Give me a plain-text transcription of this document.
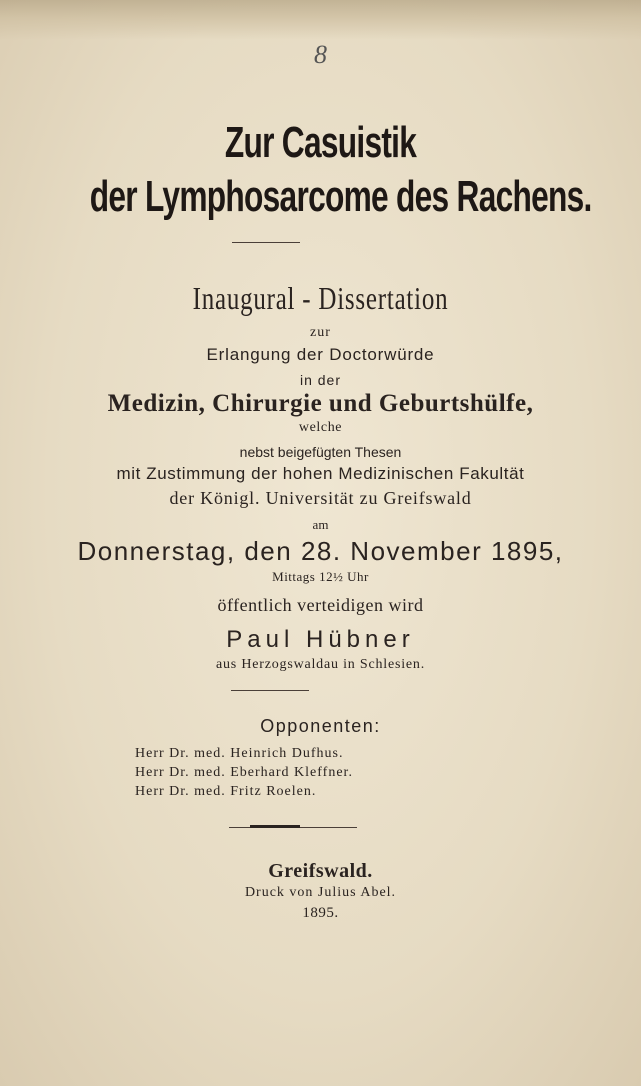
8
Zur Casuistik
der Lymphosarcome des Rachens.
Inaugural - Dissertation
zur
Erlangung der Doctorwürde
in der
Medizin, Chirurgie und Geburtshülfe,
welche
nebst beigefügten Thesen
mit Zustimmung der hohen Medizinischen Fakultät
der Königl. Universität zu Greifswald
am
Donnerstag, den 28. November 1895,
Mittags 12½ Uhr
öffentlich verteidigen wird
Paul Hübner
aus Herzogswaldau in Schlesien.
Opponenten:
Herr Dr. med. Heinrich Dufhus.
Herr Dr. med. Eberhard Kleffner.
Herr Dr. med. Fritz Roelen.
Greifswald.
Druck von Julius Abel.
1895.
